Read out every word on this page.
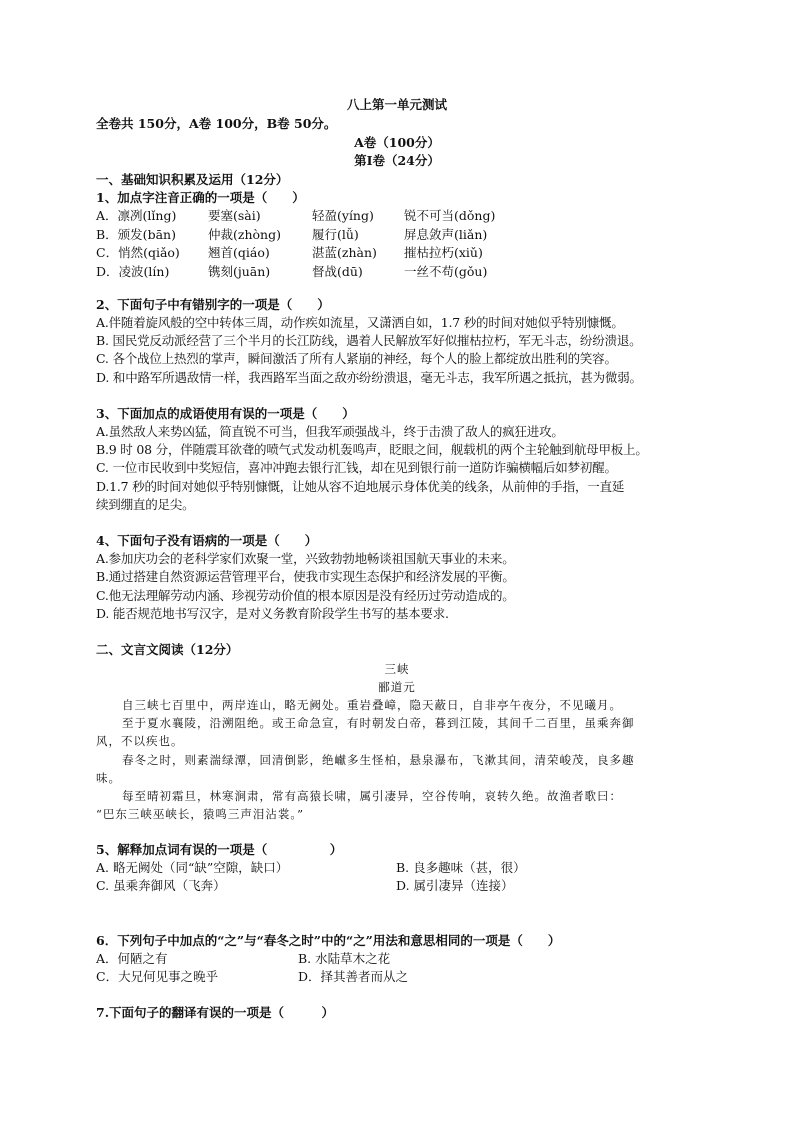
八上第一单元测试
全卷共 150分，A卷 100分，B卷 50分。
A卷（100分）
第Ⅰ卷（24分）
一、基础知识积累及运用（12分）
1、加点字注音正确的一项是（　　）
A．凛冽(lǐng)	要塞(sài)	轻盈(yíng) 锐不可当(dǒng)
B．颁发(bān)	仲裁(zhòng) 履行(lǚ)	屏息敛声(liǎn)
C．悄然(qiǎo) 翘首(qiáo)	湛蓝(zhàn) 摧枯拉朽(xiǔ)
D．凌波(lín)	镌刻(juān)	督战(dū)	一丝不苟(gǒu)
2、下面句子中有错别字的一项是（　　）
A.伴随着旋风般的空中转体三周，动作疾如流星，又潇洒自如，1.7 秒的时间对她似乎特别慷慨。
B. 国民党反动派经营了三个半月的长江防线，遇着人民解放军好似摧枯拉朽，军无斗志，纷纷溃退。
C. 各个战位上热烈的掌声，瞬间激活了所有人紧崩的神经，每个人的脸上都绽放出胜利的笑容。
D. 和中路军所遇敌情一样，我西路军当面之敌亦纷纷溃退，毫无斗志，我军所遇之抵抗，甚为微弱。
3、下面加点的成语使用有误的一项是（　　）
A.虽然敌人来势凶猛，简直锐不可当，但我军顽强战斗，终于击溃了敌人的疯狂进攻。
B.9 时 08 分，伴随震耳欲聋的喷气式发动机轰鸣声，眨眼之间，舰载机的两个主轮触到航母甲板上。
C. 一位市民收到中奖短信，喜冲冲跑去银行汇钱，却在见到银行前一道防诈骗横幅后如梦初醒。
D.1.7 秒的时间对她似乎特别慷慨，让她从容不迫地展示身体优美的线条，从前伸的手指，一直延
续到绷直的足尖。
4、下面句子没有语病的一项是（　　）
A.参加庆功会的老科学家们欢聚一堂，兴致勃勃地畅谈祖国航天事业的未来。
B.通过搭建自然资源运营管理平台，使我市实现生态保护和经济发展的平衡。
C.他无法理解劳动内涵、珍视劳动价值的根本原因是没有经历过劳动造成的。
D. 能否规范地书写汉字，是对义务教育阶段学生书写的基本要求.
二、文言文阅读（12分）
三峡
郦道元
自三峡七百里中，两岸连山，略无阙处。重岩叠嶂，隐天蔽日，自非亭午夜分，不见曦月。
至于夏水襄陵，沿溯阻绝。或王命急宣，有时朝发白帝，暮到江陵，其间千二百里，虽乘奔御
风，不以疾也。
春冬之时，则素湍绿潭，回清倒影，绝𪩘多生怪柏，悬泉瀑布，飞漱其间，清荣峻茂，良多趣
味。
每至晴初霜旦，林寒涧肃，常有高猿长啸，属引凄异，空谷传响，哀转久绝。故渔者歌曰：
“巴东三峡巫峡长，猿鸣三声泪沾裳。”
5、解释加点词有误的一项是（　　　　　）
A. 略无阙处（同“缺”空隙，缺口）	B. 良多趣味（甚，很）
C. 虽乘奔御风（飞奔）	D. 属引凄异（连接）
6．下列句子中加点的“之”与“春冬之时”中的“之”用法和意思相同的一项是（　　）
A．何陋之有	B. 水陆草木之花
C．大兄何见事之晚乎	D．择其善者而从之
7.下面句子的翻译有误的一项是（　　　）
